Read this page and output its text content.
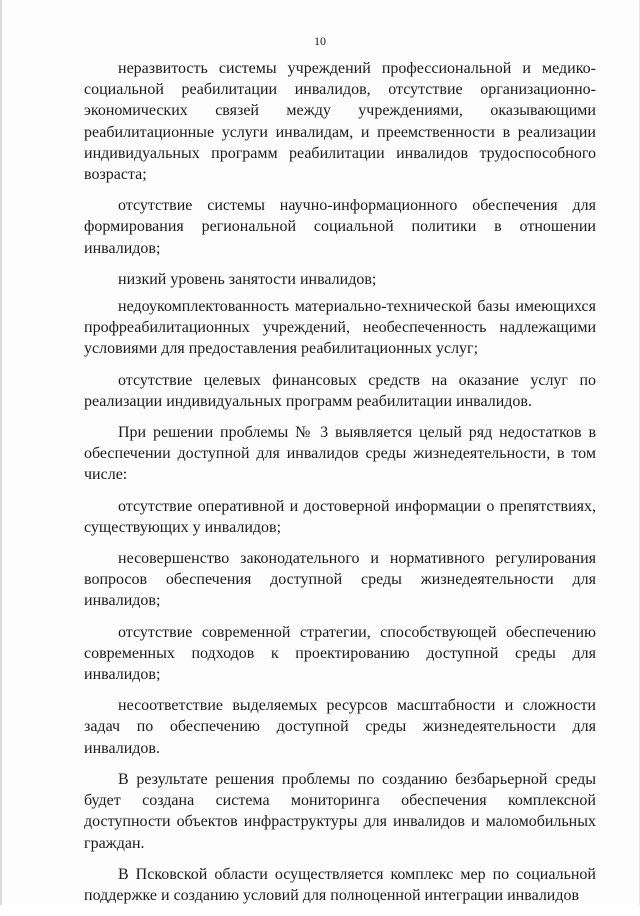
10

неразвитость системы учреждений профессиональной и медико-социальной реабилитации инвалидов, отсутствие организационно-экономических связей между учреждениями, оказывающими реабилитационные услуги инвалидам, и преемственности в реализации индивидуальных программ реабилитации инвалидов трудоспособного возраста;

отсутствие системы научно-информационного обеспечения для формирования региональной социальной политики в отношении инвалидов;

низкий уровень занятости инвалидов;

недоукомплектованность материально-технической базы имеющихся профреабилитационных учреждений, необеспеченность надлежащими условиями для предоставления реабилитационных услуг;

отсутствие целевых финансовых средств на оказание услуг по реализации индивидуальных программ реабилитации инвалидов.

При решении проблемы № 3 выявляется целый ряд недостатков в обеспечении доступной для инвалидов среды жизнедеятельности, в том числе:

отсутствие оперативной и достоверной информации о препятствиях, существующих у инвалидов;

несовершенство законодательного и нормативного регулирования вопросов обеспечения доступной среды жизнедеятельности для инвалидов;

отсутствие современной стратегии, способствующей обеспечению современных подходов к проектированию доступной среды для инвалидов;

несоответствие выделяемых ресурсов масштабности и сложности задач по обеспечению доступной среды жизнедеятельности для инвалидов.

В результате решения проблемы по созданию безбарьерной среды будет создана система мониторинга обеспечения комплексной доступности объектов инфраструктуры для инвалидов и маломобильных граждан.

В Псковской области осуществляется комплекс мер по социальной поддержке и созданию условий для полноценной интеграции инвалидов
